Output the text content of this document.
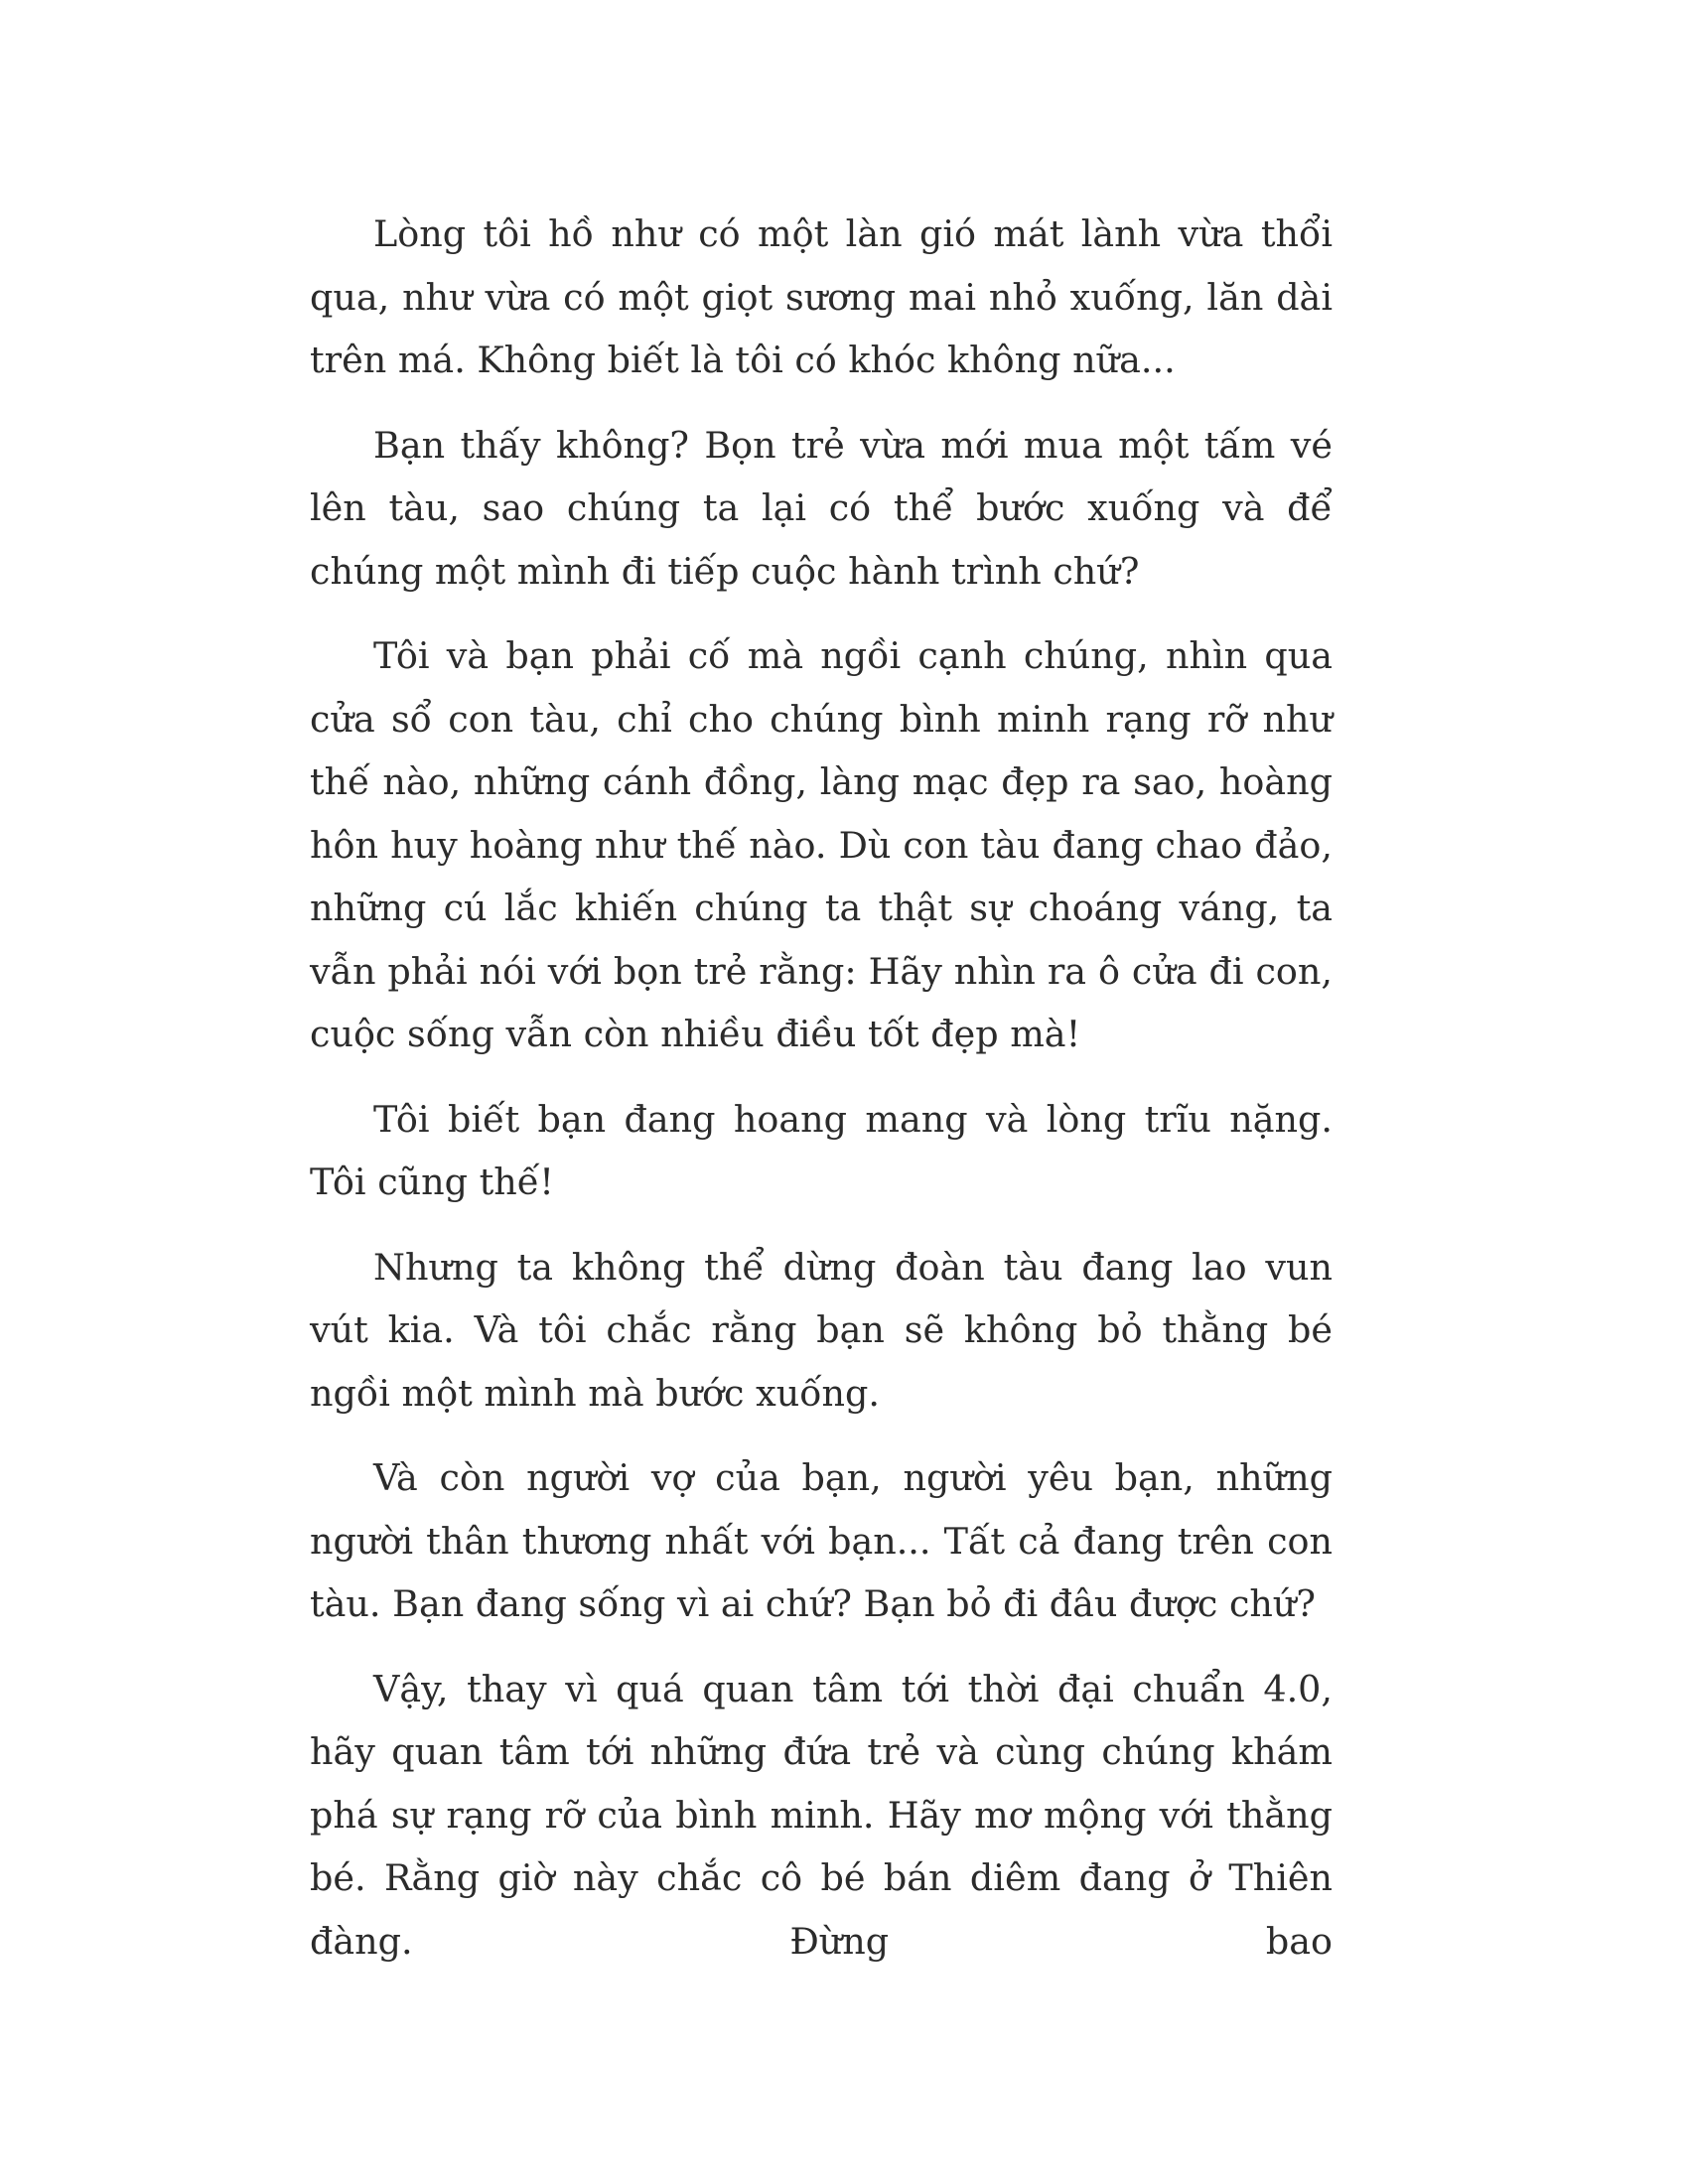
Lòng tôi hồ như có một làn gió mát lành vừa thổi qua, như vừa có một giọt sương mai nhỏ xuống, lăn dài trên má. Không biết là tôi có khóc không nữa...

Bạn thấy không? Bọn trẻ vừa mới mua một tấm vé lên tàu, sao chúng ta lại có thể bước xuống và để chúng một mình đi tiếp cuộc hành trình chứ?

Tôi và bạn phải cố mà ngồi cạnh chúng, nhìn qua cửa sổ con tàu, chỉ cho chúng bình minh rạng rỡ như thế nào, những cánh đồng, làng mạc đẹp ra sao, hoàng hôn huy hoàng như thế nào. Dù con tàu đang chao đảo, những cú lắc khiến chúng ta thật sự choáng váng, ta vẫn phải nói với bọn trẻ rằng: Hãy nhìn ra ô cửa đi con, cuộc sống vẫn còn nhiều điều tốt đẹp mà!

Tôi biết bạn đang hoang mang và lòng trĩu nặng. Tôi cũng thế!

Nhưng ta không thể dừng đoàn tàu đang lao vun vút kia. Và tôi chắc rằng bạn sẽ không bỏ thằng bé ngồi một mình mà bước xuống.

Và còn người vợ của bạn, người yêu bạn, những người thân thương nhất với bạn... Tất cả đang trên con tàu. Bạn đang sống vì ai chứ? Bạn bỏ đi đâu được chứ?

Vậy, thay vì quá quan tâm tới thời đại chuẩn 4.0, hãy quan tâm tới những đứa trẻ và cùng chúng khám phá sự rạng rỡ của bình minh. Hãy mơ mộng với thằng bé. Rằng giờ này chắc cô bé bán diêm đang ở Thiên đàng. Đừng bao
